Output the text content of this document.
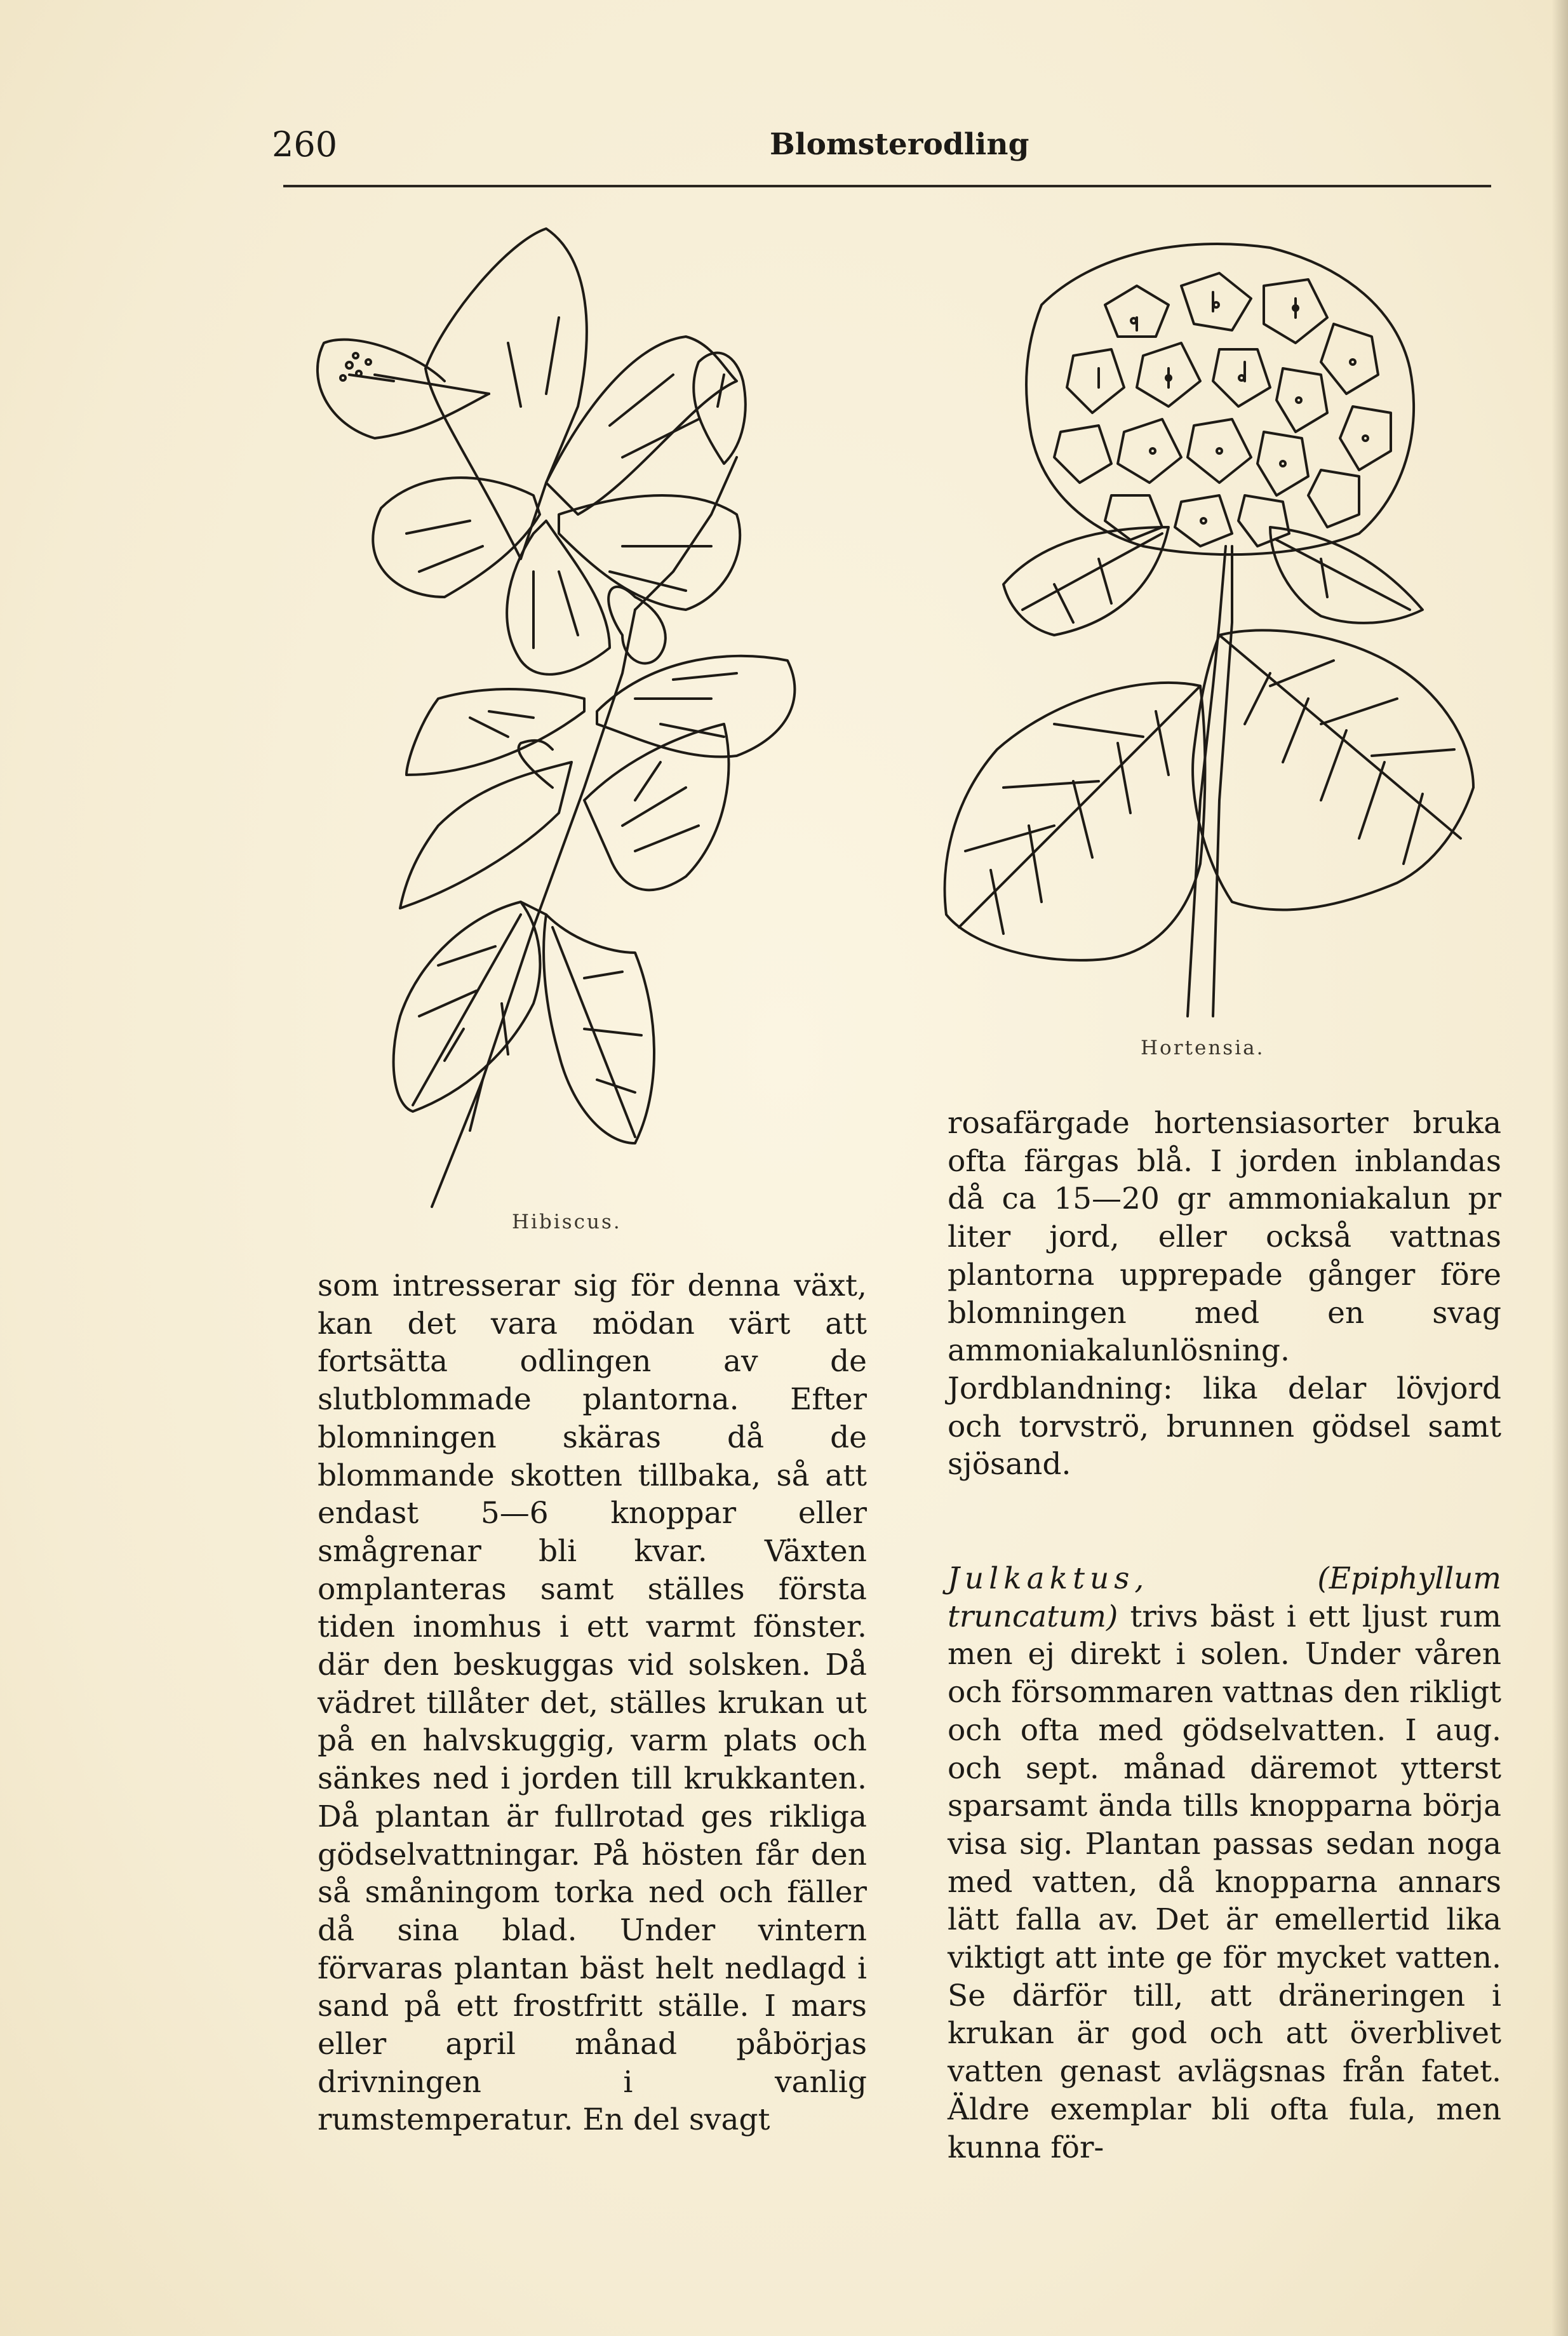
260	Blomsterodling
Hibiscus.
Hortensia.

som intresserar sig för denna växt, kan det vara mödan värt att fortsätta odlingen av de slutblommade plantorna. Efter blomningen skäras då de blommande skotten tillbaka, så att endast 5—6 knoppar eller smågrenar bli kvar. Växten omplanteras samt ställes första tiden inomhus i ett varmt fönster. där den beskuggas vid solsken. Då vädret tillåter det, ställes krukan ut på en halvskuggig, varm plats och sänkes ned i jorden till krukkanten. Då plantan är fullrotad ges rikliga gödselvattningar. På hösten får den så småningom torka ned och fäller då sina blad. Under vintern förvaras plantan bäst helt nedlagd i sand på ett frostfritt ställe. I mars eller april månad påbörjas drivningen i vanlig rumstemperatur. En del svagt

rosafärgade hortensiasorter bruka ofta färgas blå. I jorden inblandas då ca 15—20 gr ammoniakalun pr liter jord, eller också vattnas plantorna upprepade gånger före blomningen med en svag ammoniakalunlösning. Jordblandning: lika delar lövjord och torvströ, brunnen gödsel samt sjösand.

Julkaktus,	(Epiphyllum truncatum) trivs bäst i ett ljust rum men ej direkt i solen. Under våren och försommaren vattnas den rikligt och ofta med gödselvatten. I aug. och sept. månad däremot ytterst sparsamt ända tills knopparna börja visa sig. Plantan passas sedan noga med vatten, då knopparna annars lätt falla av. Det är emellertid lika viktigt att inte ge för mycket vatten. Se därför till, att dräneringen i krukan är god och att överblivet vatten genast avlägsnas från fatet. Äldre exemplar bli ofta fula, men kunna för-
